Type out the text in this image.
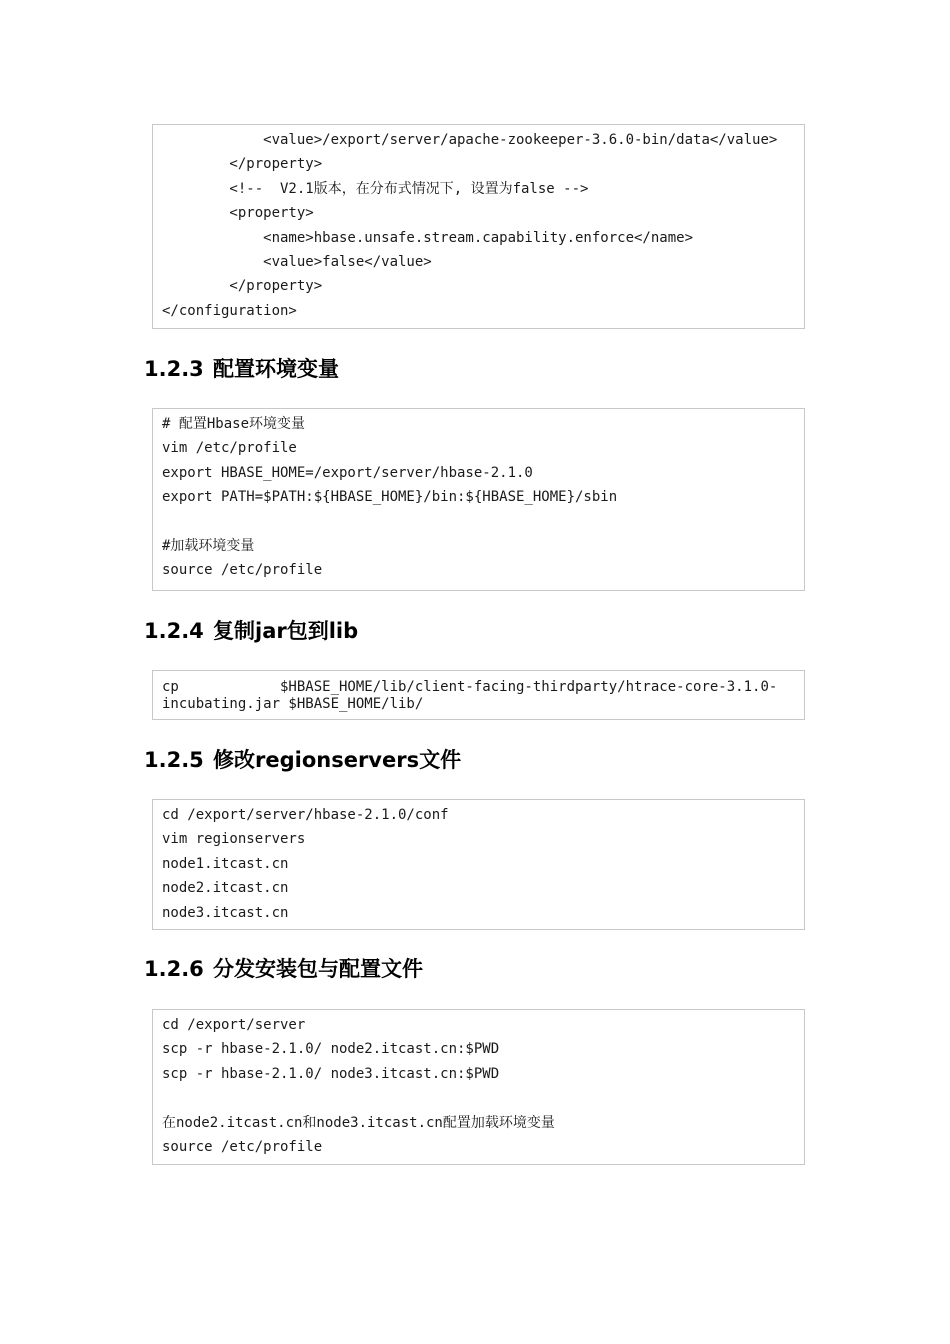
<value>/export/server/apache-zookeeper-3.6.0-bin/data</value>
</property>
<!--  V2.1版本，在分布式情况下, 设置为false -->
<property>
<name>hbase.unsafe.stream.capability.enforce</name>
<value>false</value>
</property>
</configuration>
1.2.3 配置环境变量
# 配置Hbase环境变量
vim /etc/profile
export HBASE_HOME=/export/server/hbase-2.1.0
export PATH=$PATH:${HBASE_HOME}/bin:${HBASE_HOME}/sbin
#加载环境变量
source /etc/profile
1.2.4 复制jar包到lib
cp            $HBASE_HOME/lib/client-facing-thirdparty/htrace-core-3.1.0-incubating.jar $HBASE_HOME/lib/
1.2.5 修改regionservers文件
cd /export/server/hbase-2.1.0/conf
vim regionservers
node1.itcast.cn
node2.itcast.cn
node3.itcast.cn
1.2.6 分发安装包与配置文件
cd /export/server
scp -r hbase-2.1.0/ node2.itcast.cn:$PWD
scp -r hbase-2.1.0/ node3.itcast.cn:$PWD
在node2.itcast.cn和node3.itcast.cn配置加载环境变量
source /etc/profile
